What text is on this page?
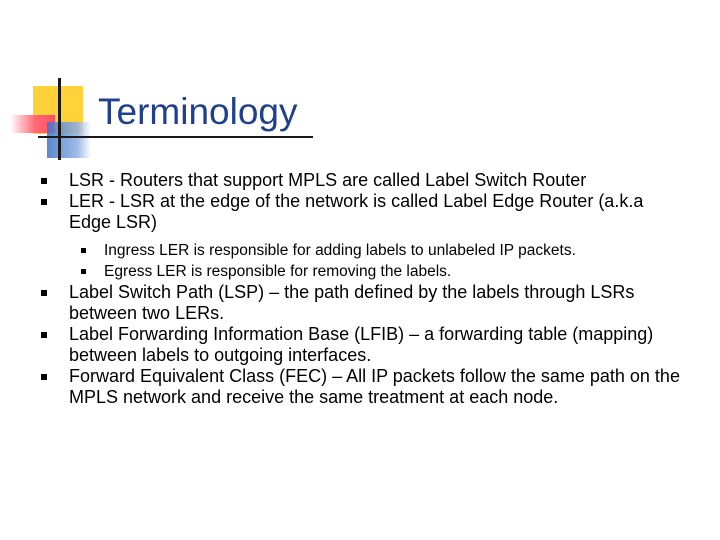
Terminology
LSR - Routers that support MPLS are called Label Switch Router
LER - LSR at the edge of the network is called Label Edge Router (a.k.a Edge LSR)
Ingress LER is responsible for adding labels to unlabeled IP packets.
Egress LER is responsible for removing the labels.
Label Switch Path (LSP) – the path defined by the labels through LSRs between two LERs.
Label Forwarding Information Base (LFIB) – a forwarding table (mapping) between labels to outgoing interfaces.
Forward Equivalent Class (FEC) – All IP packets follow the same path on the MPLS network and receive the same treatment at each node.
